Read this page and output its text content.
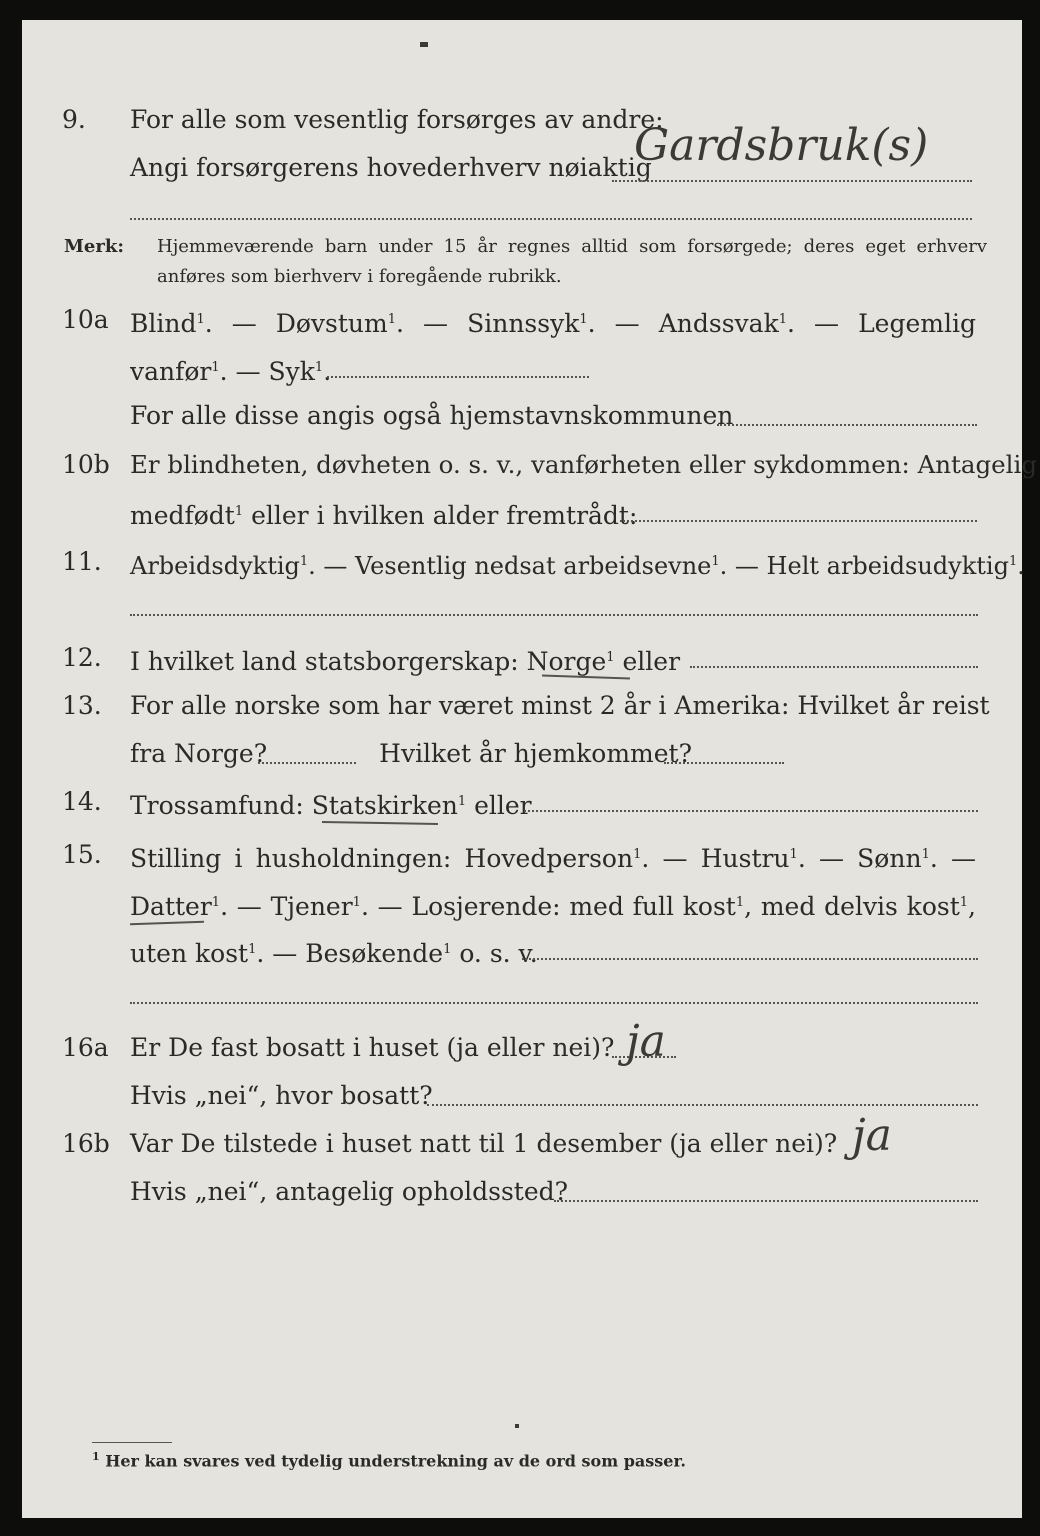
9. For alle som vesentlig forsørges av andre:
Angi forsørgerens hovederhverv nøiaktig
Gardsbruk(s)
Merk: Hjemmeværende barn under 15 år regnes alltid som forsørgede; deres eget erhverv
anføres som bierhverv i foregående rubrikk.
10a Blind$^1$. — Døvstum$^1$. — Sinnssyk$^1$. — Andssvak$^1$. — Legemlig
vanfør$^1$. — Syk$^1$.
For alle disse angis også hjemstavnskommunen
10b Er blindheten, døvheten o. s. v., vanførheten eller sykdommen: Antagelig
medfødt$^1$ eller i hvilken alder fremtrådt:
11. Arbeidsdyktig$^1$. — Vesentlig nedsat arbeidsevne$^1$. — Helt arbeidsudyktig$^1$.
12. I hvilket land statsborgerskap: Norge$^1$ eller
13. For alle norske som har været minst 2 år i Amerika: Hvilket år reist
fra Norge?	Hvilket år hjemkommet?
14. Trossamfund: Statskirken$^1$ eller
15. Stilling i husholdningen: Hovedperson$^1$. — Hustru$^1$. — Sønn$^1$. —
Datter$^1$. — Tjener$^1$. — Losjerende: med full kost$^1$, med delvis kost$^1$,
uten kost$^1$. — Besøkende$^1$ o. s. v.
16a Er De fast bosatt i huset (ja eller nei)? ja
Hvis „nei“, hvor bosatt?
16b Var De tilstede i huset natt til 1 desember (ja eller nei)? ja
Hvis „nei“, antagelig opholdssted?
$^1$ Her kan svares ved tydelig understrekning av de ord som passer.
